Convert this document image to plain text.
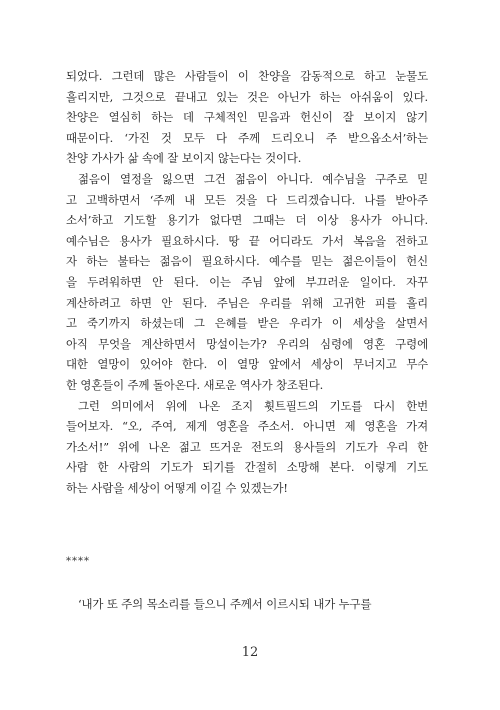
되었다. 그런데 많은 사람들이 이 찬양을 감동적으로 하고 눈물도
흘리지만, 그것으로 끝내고 있는 것은 아닌가 하는 아쉬움이 있다.
찬양은 열심히 하는 데 구체적인 믿음과 헌신이 잘 보이지 않기
때문이다. ‘가진 것 모두 다 주께 드리오니 주 받으옵소서’하는
찬양 가사가 삶 속에 잘 보이지 않는다는 것이다.
젊음이 열정을 잃으면 그건 젊음이 아니다. 예수님을 구주로 믿
고 고백하면서 ‘주께 내 모든 것을 다 드리겠습니다. 나를 받아주
소서’하고 기도할 용기가 없다면 그때는 더 이상 용사가 아니다.
예수님은 용사가 필요하시다. 땅 끝 어디라도 가서 복음을 전하고
자 하는 불타는 젊음이 필요하시다. 예수를 믿는 젊은이들이 헌신
을 두려워하면 안 된다. 이는 주님 앞에 부끄러운 일이다. 자꾸
계산하려고 하면 안 된다. 주님은 우리를 위해 고귀한 피를 흘리
고 죽기까지 하셨는데 그 은혜를 받은 우리가 이 세상을 살면서
아직 무엇을 계산하면서 망설이는가? 우리의 심령에 영혼 구령에
대한 열망이 있어야 한다. 이 열망 앞에서 세상이 무너지고 무수
한 영혼들이 주께 돌아온다. 새로운 역사가 창조된다.
그런 의미에서 위에 나온 조지 휫트필드의 기도를 다시 한번
들어보자. “오, 주여, 제게 영혼을 주소서. 아니면 제 영혼을 가져
가소서!” 위에 나온 젊고 뜨거운 전도의 용사들의 기도가 우리 한
사람 한 사람의 기도가 되기를 간절히 소망해 본다. 이렇게 기도
하는 사람을 세상이 어떻게 이길 수 있겠는가!
****
‘내가 또 주의 목소리를 들으니 주께서 이르시되 내가 누구를
12
